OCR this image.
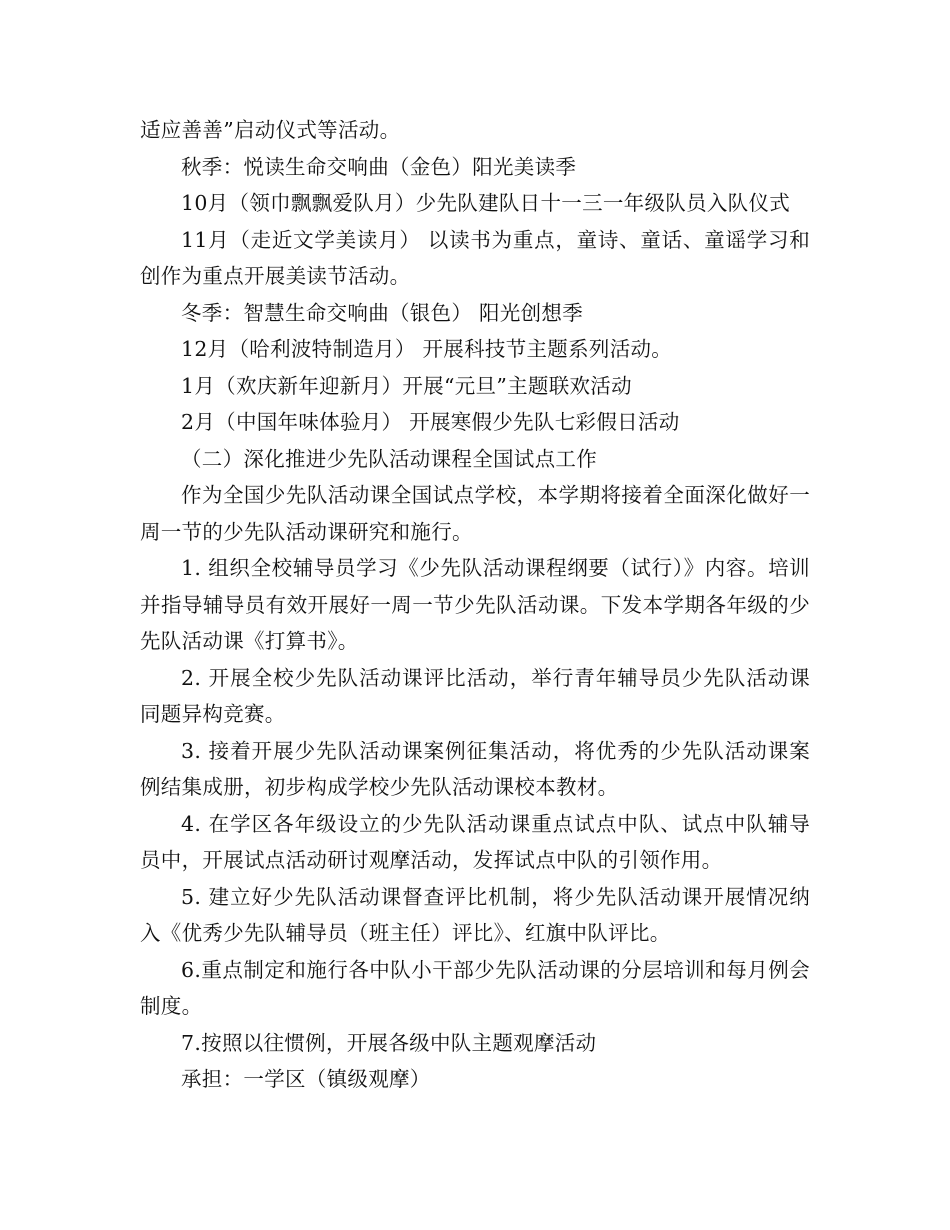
适应善善”启动仪式等活动。

秋季：悦读生命交响曲（金色）阳光美读季

10月（领巾飘飘爱队月）少先队建队日十一三一年级队员入队仪式

11月（走近文学美读月） 以读书为重点，童诗、童话、童谣学习和创作为重点开展美读节活动。

冬季：智慧生命交响曲（银色） 阳光创想季

12月（哈利波特制造月） 开展科技节主题系列活动。

1月（欢庆新年迎新月）开展“元旦”主题联欢活动

2月（中国年味体验月） 开展寒假少先队七彩假日活动

（二）深化推进少先队活动课程全国试点工作

作为全国少先队活动课全国试点学校，本学期将接着全面深化做好一周一节的少先队活动课研究和施行。

1. 组织全校辅导员学习《少先队活动课程纲要（试行）》内容。培训并指导辅导员有效开展好一周一节少先队活动课。下发本学期各年级的少先队活动课《打算书》。

2. 开展全校少先队活动课评比活动，举行青年辅导员少先队活动课同题异构竞赛。

3. 接着开展少先队活动课案例征集活动，将优秀的少先队活动课案例结集成册，初步构成学校少先队活动课校本教材。

4. 在学区各年级设立的少先队活动课重点试点中队、试点中队辅导员中，开展试点活动研讨观摩活动，发挥试点中队的引领作用。

5. 建立好少先队活动课督查评比机制，将少先队活动课开展情况纳入《优秀少先队辅导员（班主任）评比》、红旗中队评比。

6.重点制定和施行各中队小干部少先队活动课的分层培训和每月例会制度。

7.按照以往惯例，开展各级中队主题观摩活动

承担：一学区（镇级观摩）
